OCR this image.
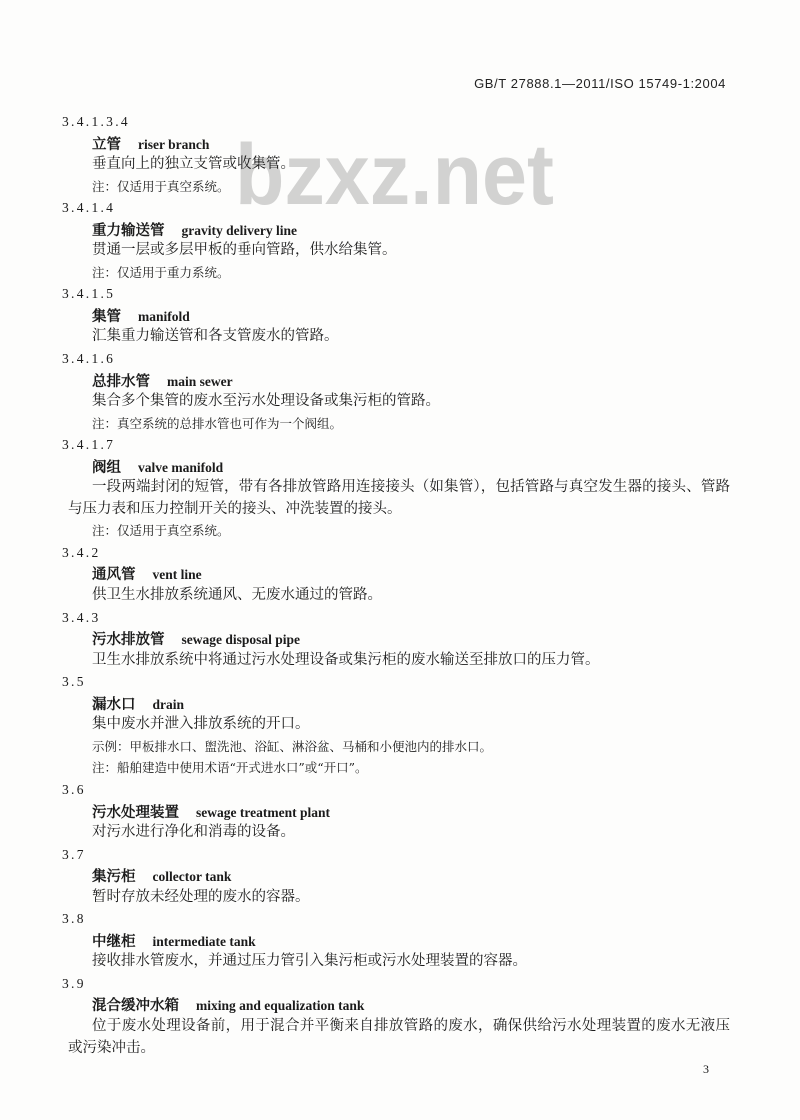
GB/T 27888.1—2011/ISO 15749-1:2004
bzxz.net
3.4.1.3.4
立管 riser branch
垂直向上的独立支管或收集管。
注：仅适用于真空系统。
3.4.1.4
重力输送管 gravity delivery line
贯通一层或多层甲板的垂向管路，供水给集管。
注：仅适用于重力系统。
3.4.1.5
集管 manifold
汇集重力输送管和各支管废水的管路。
3.4.1.6
总排水管 main sewer
集合多个集管的废水至污水处理设备或集污柜的管路。
注：真空系统的总排水管也可作为一个阀组。
3.4.1.7
阀组 valve manifold
一段两端封闭的短管，带有各排放管路用连接接头（如集管），包括管路与真空发生器的接头、管路
与压力表和压力控制开关的接头、冲洗装置的接头。
注：仅适用于真空系统。
3.4.2
通风管 vent line
供卫生水排放系统通风、无废水通过的管路。
3.4.3
污水排放管 sewage disposal pipe
卫生水排放系统中将通过污水处理设备或集污柜的废水输送至排放口的压力管。
3.5
漏水口 drain
集中废水并泄入排放系统的开口。
示例：甲板排水口、盥洗池、浴缸、淋浴盆、马桶和小便池内的排水口。
注：船舶建造中使用术语“开式进水口”或“开口”。
3.6
污水处理装置 sewage treatment plant
对污水进行净化和消毒的设备。
3.7
集污柜 collector tank
暂时存放未经处理的废水的容器。
3.8
中继柜 intermediate tank
接收排水管废水，并通过压力管引入集污柜或污水处理装置的容器。
3.9
混合缓冲水箱 mixing and equalization tank
位于废水处理设备前，用于混合并平衡来自排放管路的废水，确保供给污水处理装置的废水无液压
或污染冲击。
3
